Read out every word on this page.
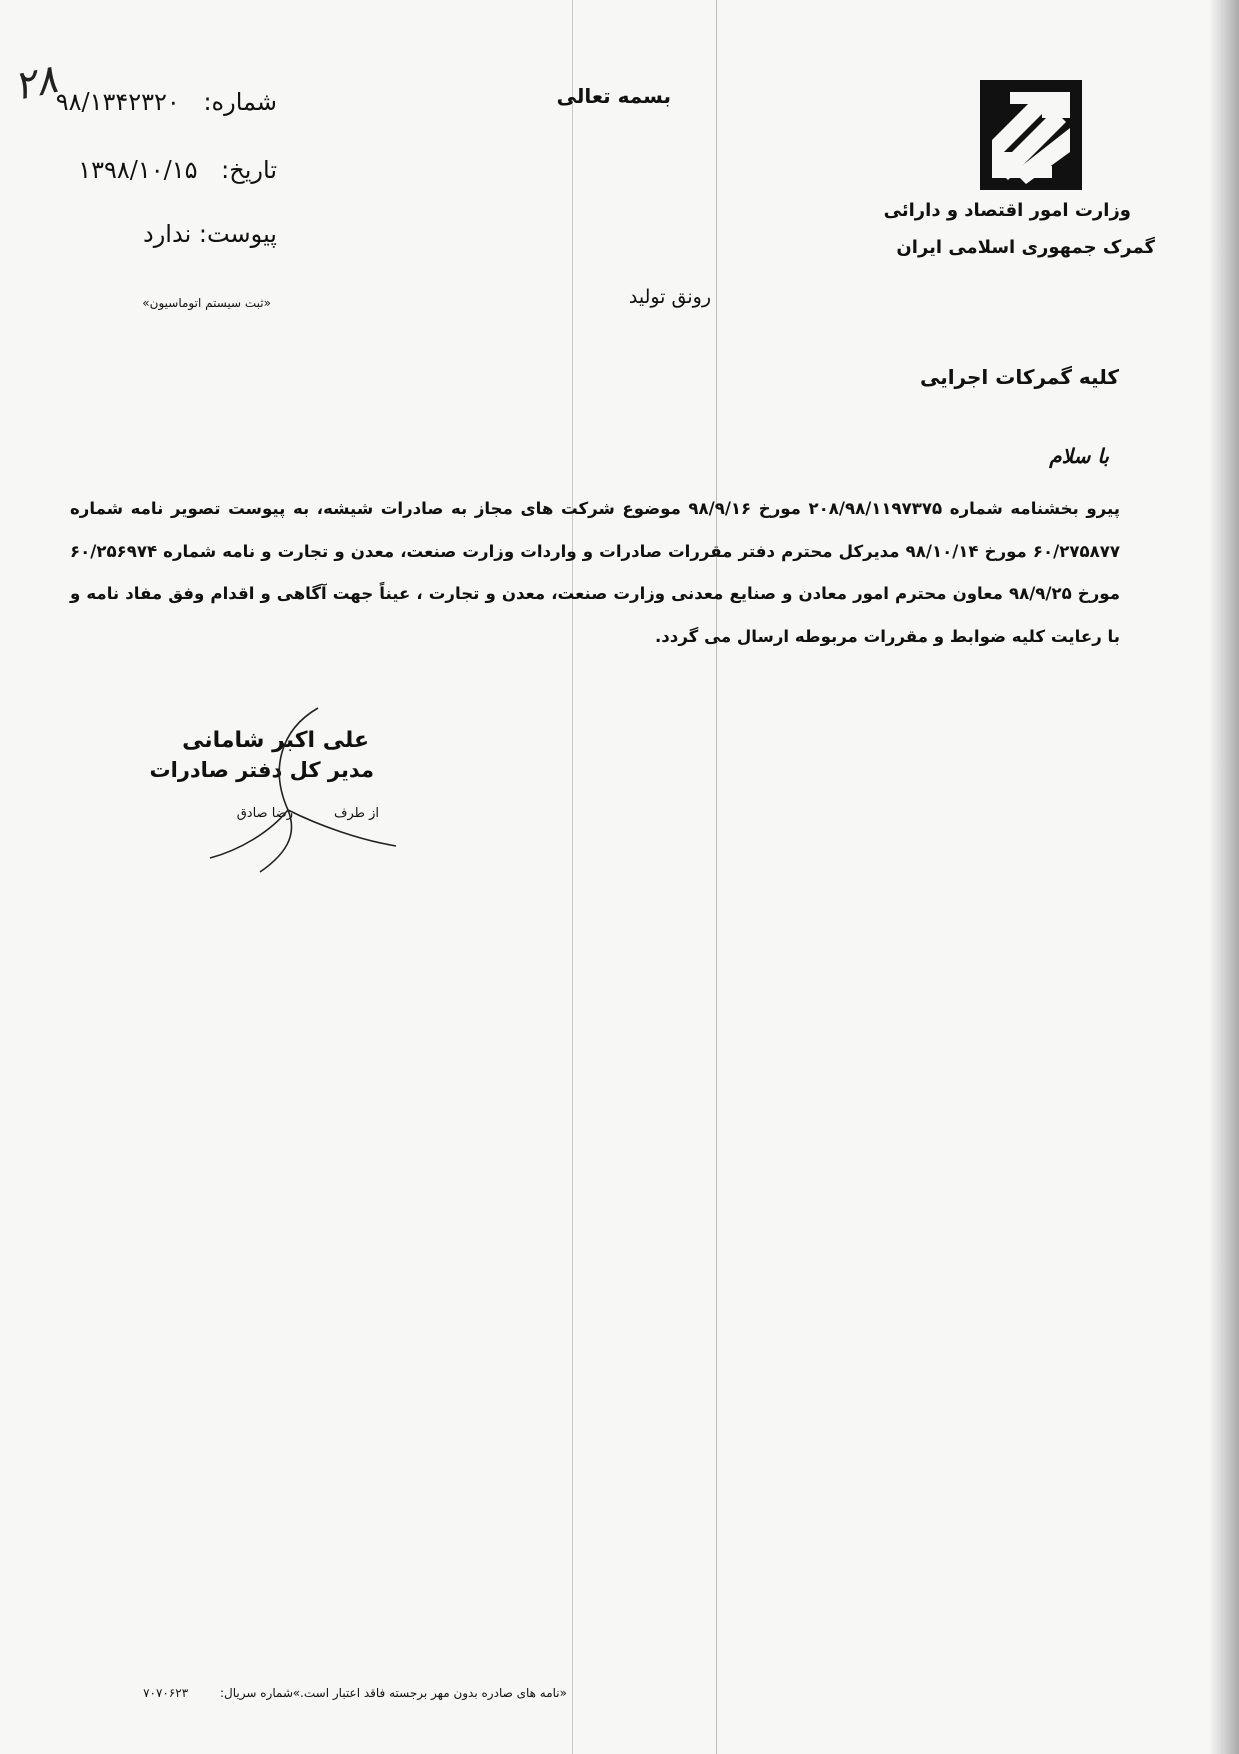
۲۸	شماره: ۹۸/۱۳۴۲۳۲۰
تاریخ: ۱۳۹۸/۱۰/۱۵
پیوست: ندارد
«ثبت سیستم اتوماسیون»
بسمه تعالی
رونق تولید
وزارت امور اقتصاد و دارائی
گمرک جمهوری اسلامی ایران
کلیه گمرکات اجرایی
با سلام
پیرو بخشنامه شماره ۲۰۸/۹۸/۱۱۹۷۳۷۵ مورخ ۹۸/۹/۱۶ موضوع شرکت های مجاز به صادرات شیشه، به پیوست تصویر نامه شماره ۶۰/۲۷۵۸۷۷ مورخ ۹۸/۱۰/۱۴ مدیرکل محترم دفتر مقررات صادرات و واردات وزارت صنعت، معدن و تجارت و نامه شماره ۶۰/۲۵۶۹۷۴ مورخ ۹۸/۹/۲۵ معاون محترم امور معادن و صنایع معدنی وزارت صنعت، معدن و تجارت ، عیناً جهت آگاهی و اقدام وفق مفاد نامه و با رعایت کلیه ضوابط و مقررات مربوطه ارسال می گردد.
علی اکبر شامانی
مدیر کل دفتر صادرات
از طرف
رضا صادق
«نامه های صادره بدون مهر برجسته فاقد اعتبار است.»
شماره سریال: ۷۰۷۰۶۲۳
